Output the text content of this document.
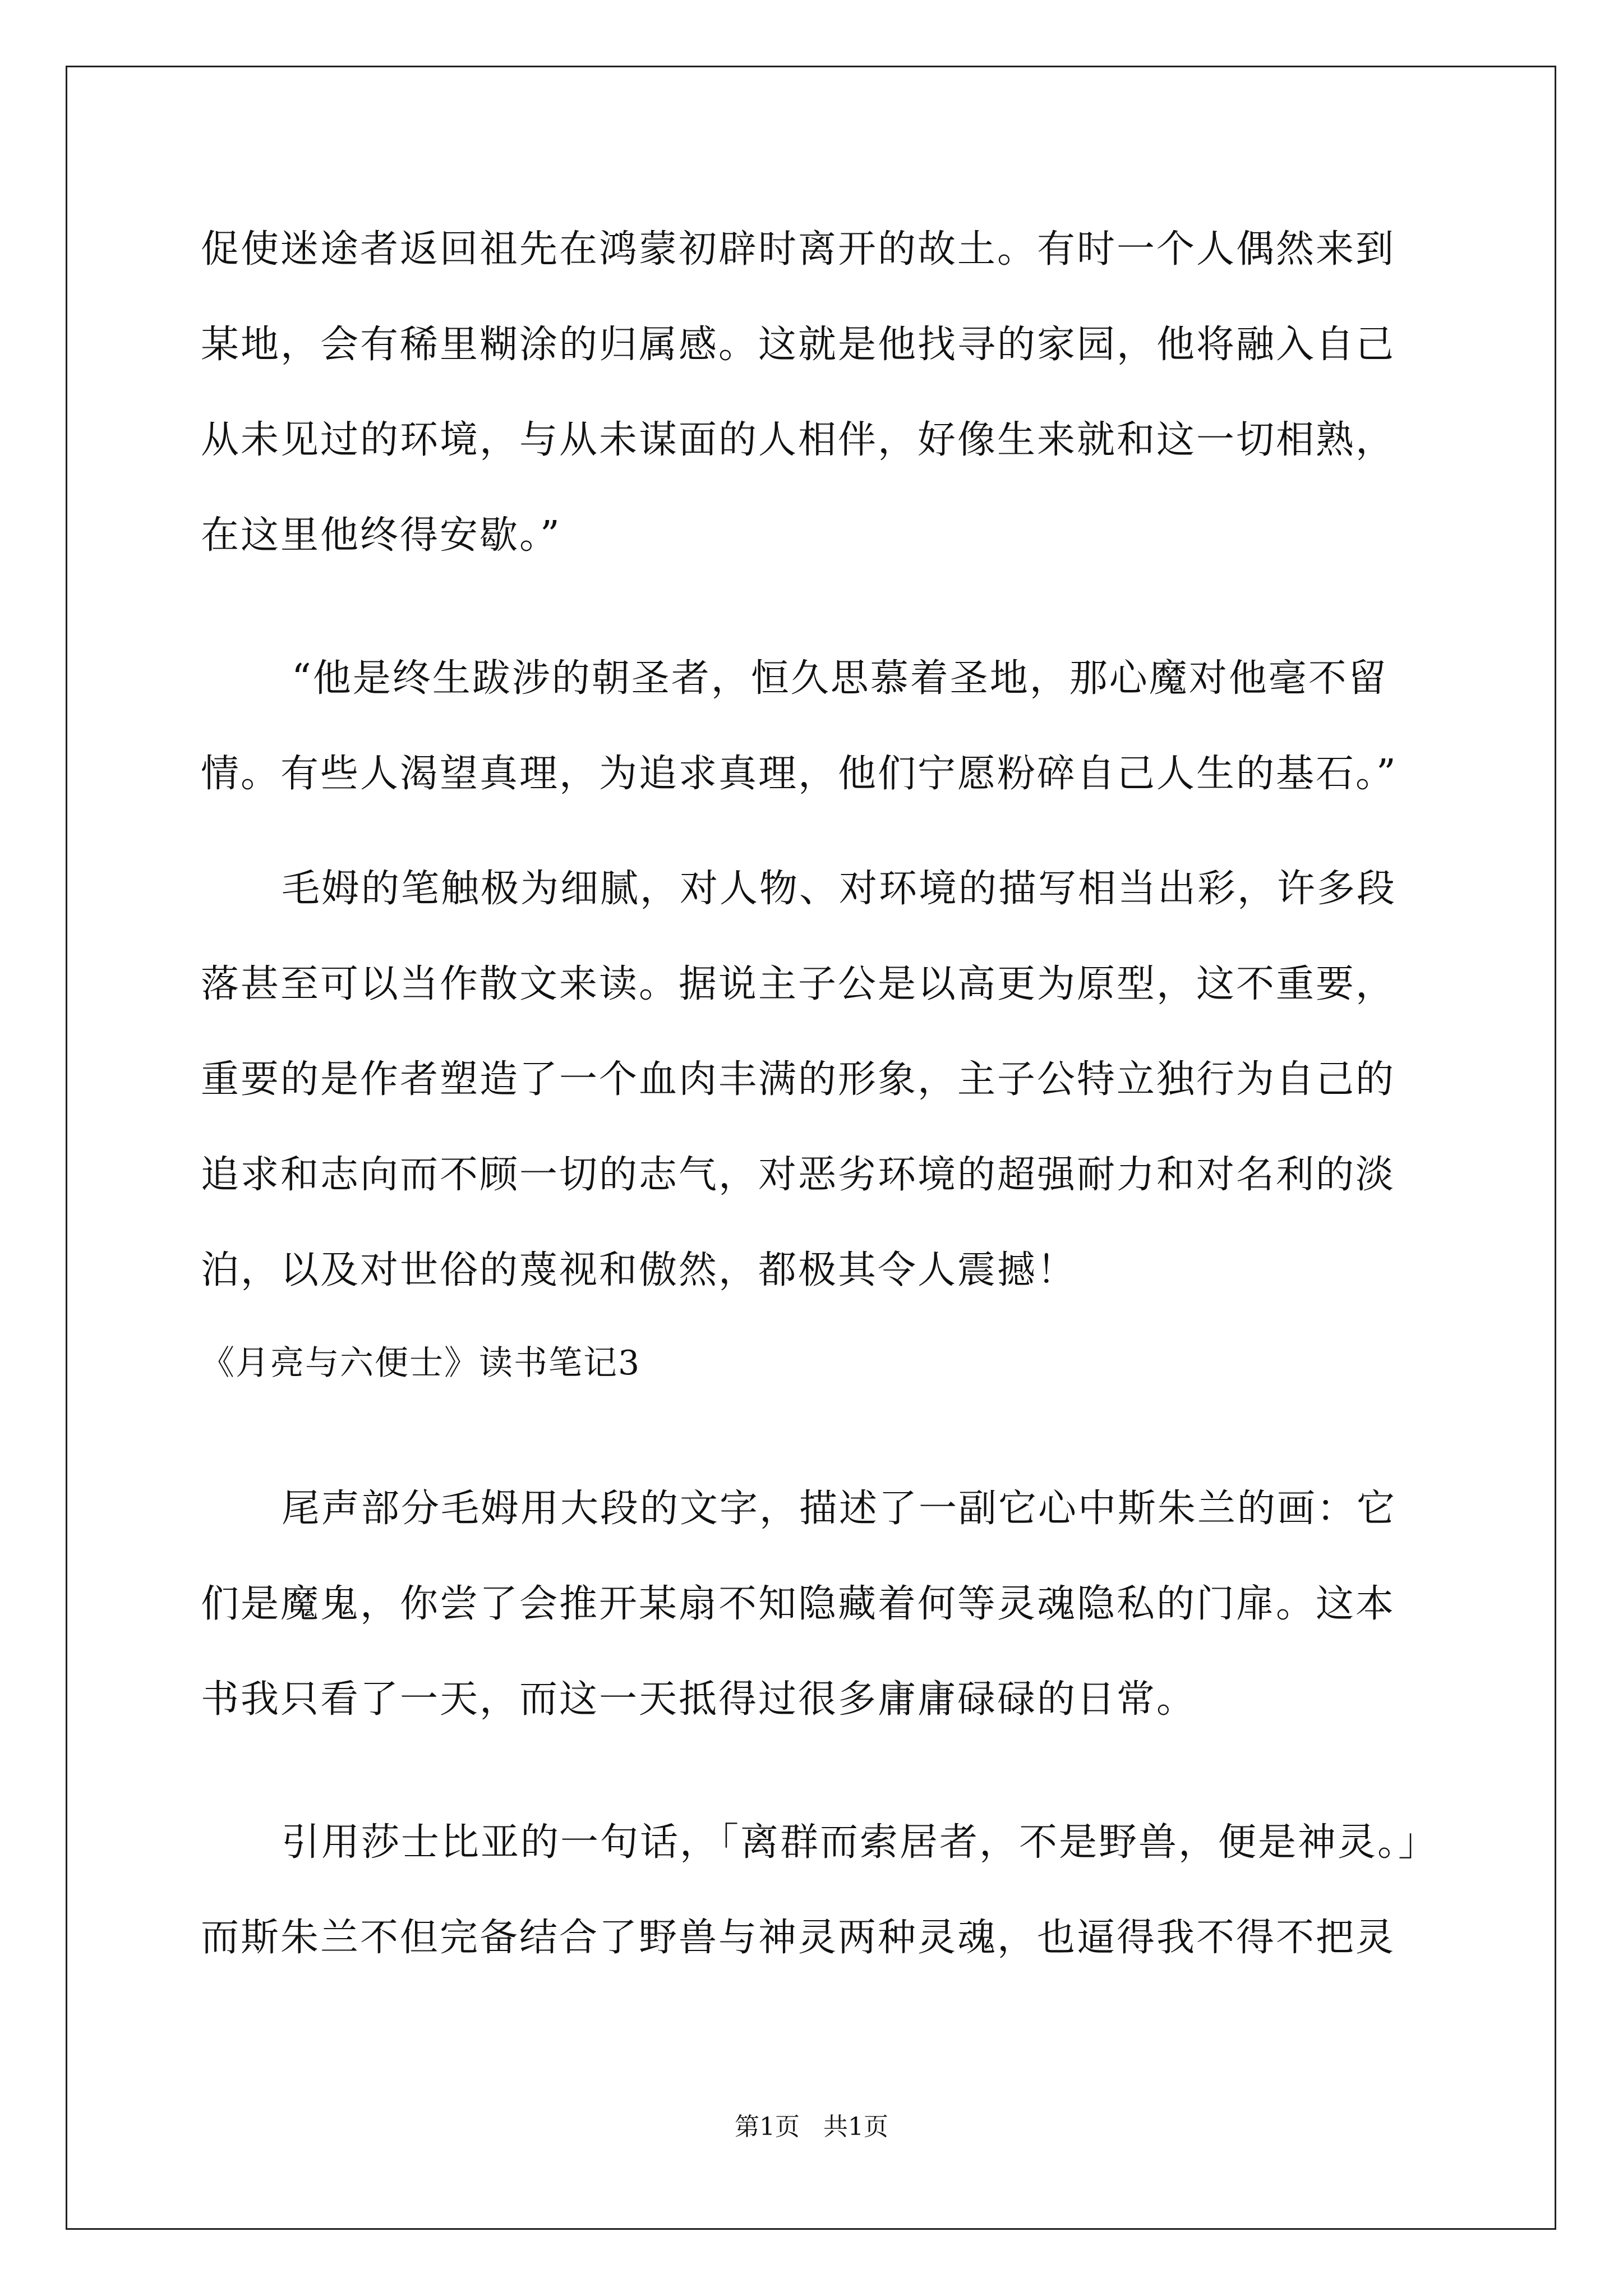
促使迷途者返回祖先在鸿蒙初辟时离开的故土。有时一个人偶然来到
某地，会有稀里糊涂的归属感。这就是他找寻的家园，他将融入自己
从未见过的环境，与从未谋面的人相伴，好像生来就和这一切相熟，
在这里他终得安歇。”
“他是终生跋涉的朝圣者，恒久思慕着圣地，那心魔对他毫不留
情。有些人渴望真理，为追求真理，他们宁愿粉碎自己人生的基石。”
毛姆的笔触极为细腻，对人物、对环境的描写相当出彩，许多段
落甚至可以当作散文来读。据说主子公是以高更为原型，这不重要，
重要的是作者塑造了一个血肉丰满的形象，主子公特立独行为自己的
追求和志向而不顾一切的志气，对恶劣环境的超强耐力和对名利的淡
泊，以及对世俗的蔑视和傲然，都极其令人震撼！
《月亮与六便士》读书笔记3
尾声部分毛姆用大段的文字，描述了一副它心中斯朱兰的画：它
们是魔鬼，你尝了会推开某扇不知隐藏着何等灵魂隐私的门扉。这本
书我只看了一天，而这一天抵得过很多庸庸碌碌的日常。
引用莎士比亚的一句话，「离群而索居者，不是野兽，便是神灵。」
而斯朱兰不但完备结合了野兽与神灵两种灵魂，也逼得我不得不把灵
第1页 共1页
